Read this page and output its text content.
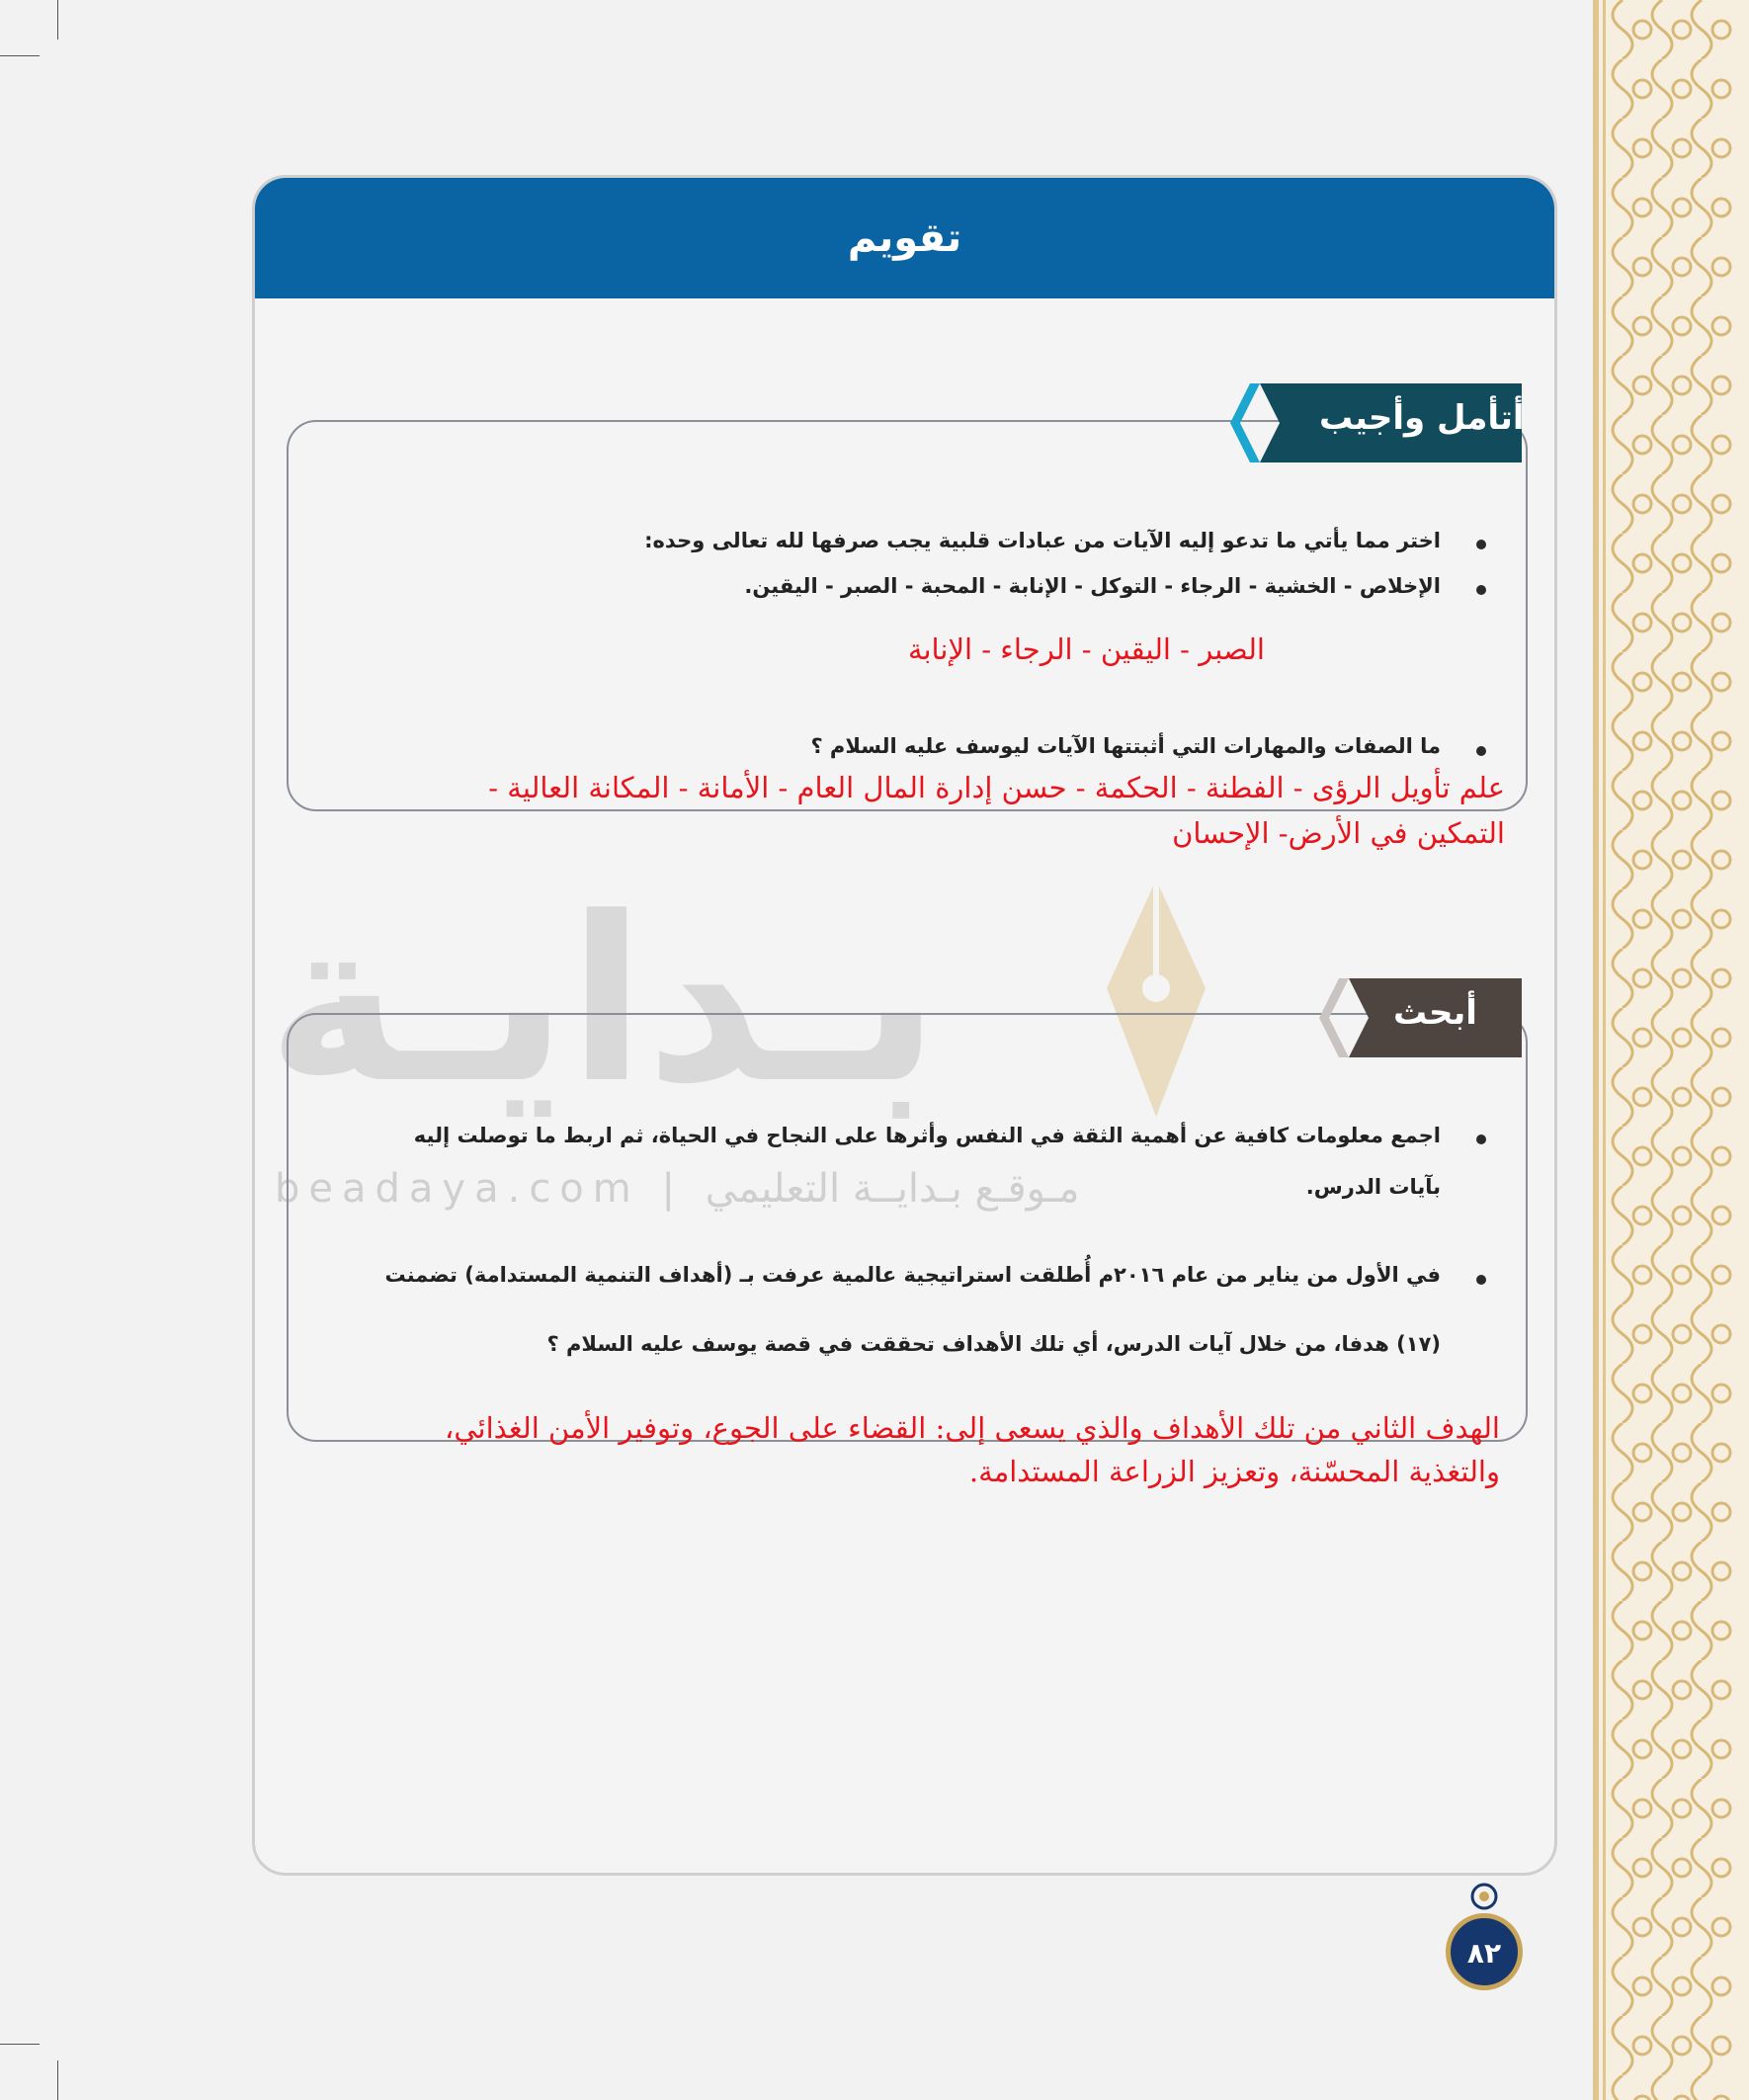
تقويم
بـدايـة
beadaya.com | مـوقـع بـدايــة التعليمي
أتأمل وأجيب
اختر مما يأتي ما تدعو إليه الآيات من عبادات قلبية يجب صرفها لله تعالى وحده:
الإخلاص - الخشية - الرجاء - التوكل - الإنابة - المحبة - الصبر - اليقين.
الصبر - اليقين - الرجاء - الإنابة
ما الصفات والمهارات التي أثبتتها الآيات ليوسف عليه السلام ؟
علم تأويل الرؤى - الفطنة - الحكمة - حسن إدارة المال العام - الأمانة - المكانة العالية -
التمكين في الأرض- الإحسان
أبحث
اجمع معلومات كافية عن أهمية الثقة في النفس وأثرها على النجاح في الحياة، ثم اربط ما توصلت إليه
بآيات الدرس.
في الأول من يناير من عام ٢٠١٦م أُطلقت استراتيجية عالمية عرفت بـ (أهداف التنمية المستدامة) تضمنت
(١٧) هدفا، من خلال آيات الدرس، أي تلك الأهداف تحققت في قصة يوسف عليه السلام ؟
الهدف الثاني من تلك الأهداف والذي يسعى إلى: القضاء على الجوع، وتوفير الأمن الغذائي،
والتغذية المحسّنة، وتعزيز الزراعة المستدامة.
٨٢
